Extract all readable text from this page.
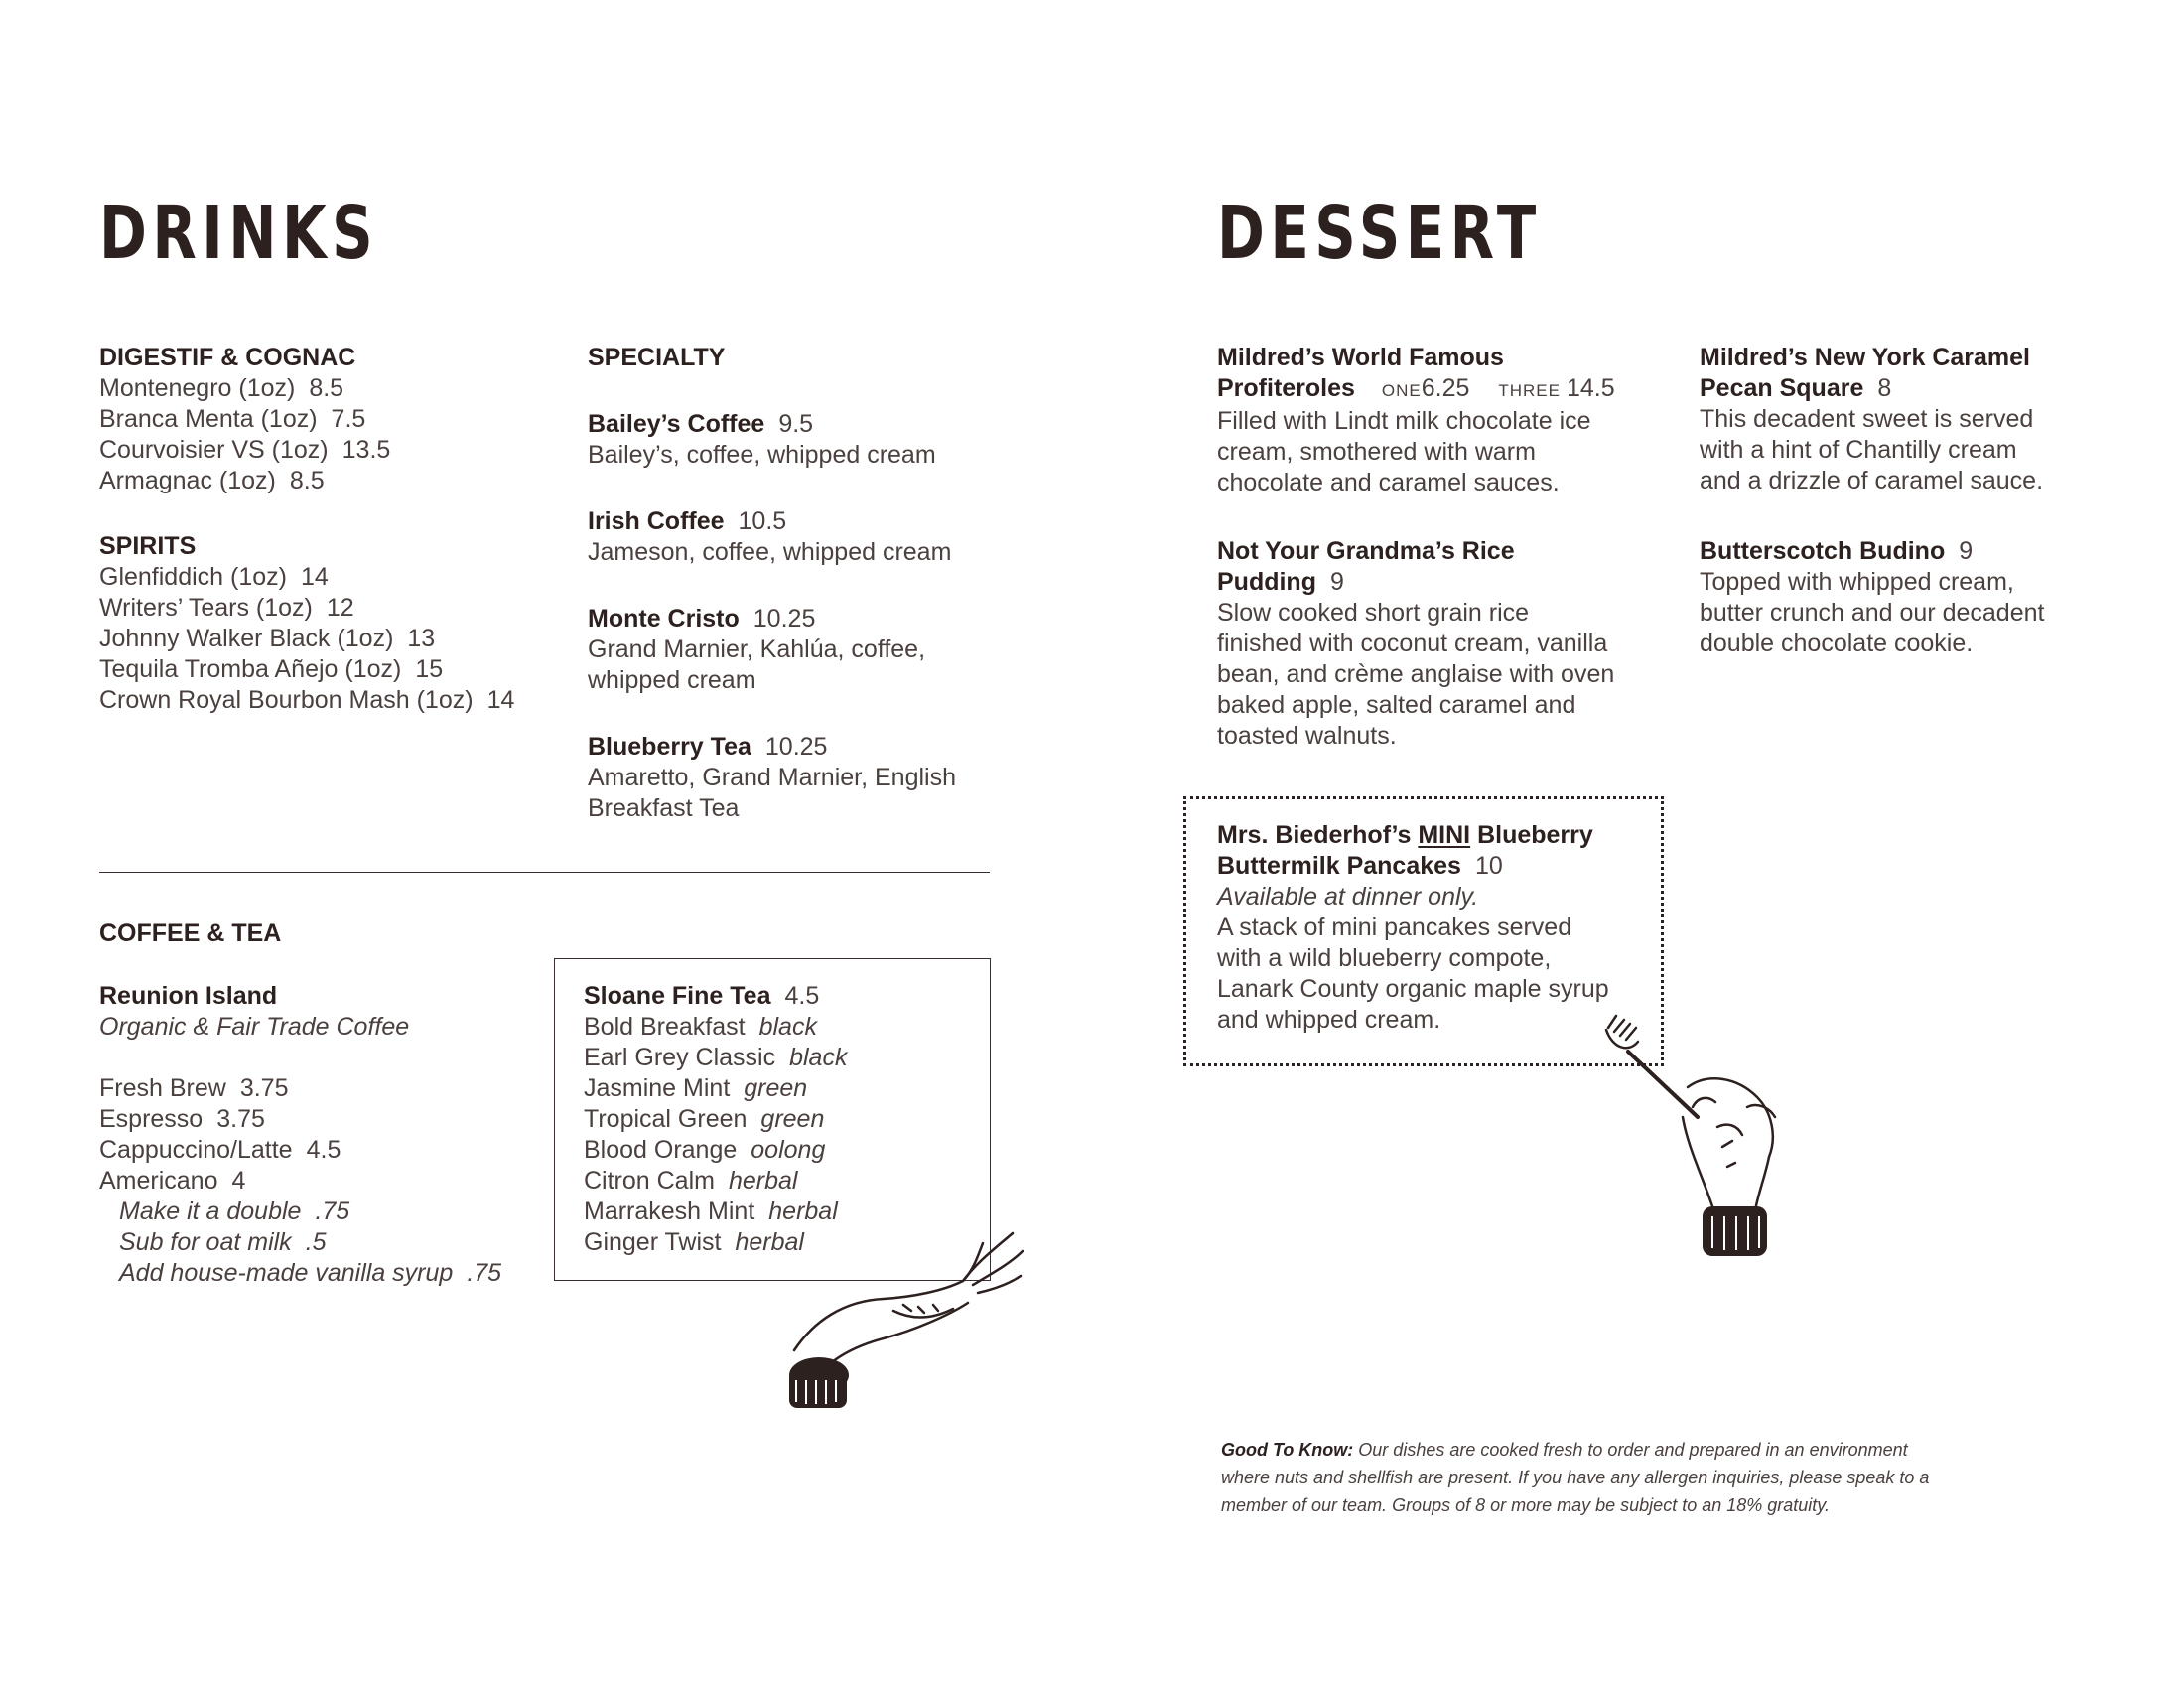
DRINKS
DIGESTIF & COGNAC
Montenegro (1oz) 8.5
Branca Menta (1oz) 7.5
Courvoisier VS (1oz) 13.5
Armagnac (1oz) 8.5
SPIRITS
Glenfiddich (1oz) 14
Writers’ Tears (1oz) 12
Johnny Walker Black (1oz) 13
Tequila Tromba Añejo (1oz) 15
Crown Royal Bourbon Mash (1oz) 14
SPECIALTY
Bailey’s Coffee 9.5
Bailey’s, coffee, whipped cream
Irish Coffee 10.5
Jameson, coffee, whipped cream
Monte Cristo 10.25
Grand Marnier, Kahlúa, coffee,
whipped cream
Blueberry Tea 10.25
Amaretto, Grand Marnier, English
Breakfast Tea
COFFEE & TEA
Reunion Island
Organic & Fair Trade Coffee

Fresh Brew 3.75
Espresso 3.75
Cappuccino/Latte 4.5
Americano 4
Make it a double .75
Sub for oat milk .5
Add house-made vanilla syrup .75
Sloane Fine Tea 4.5
Bold Breakfast black
Earl Grey Classic black
Jasmine Mint green
Tropical Green green
Blood Orange oolong
Citron Calm herbal
Marrakesh Mint herbal
Ginger Twist herbal
DESSERT
Mildred’s World Famous
Profiteroles ONE6.25 THREE 14.5
Filled with Lindt milk chocolate ice
cream, smothered with warm
chocolate and caramel sauces.
Not Your Grandma’s Rice
Pudding 9
Slow cooked short grain rice
finished with coconut cream, vanilla
bean, and crème anglaise with oven
baked apple, salted caramel and
toasted walnuts.
Mildred’s New York Caramel
Pecan Square 8
This decadent sweet is served
with a hint of Chantilly cream
and a drizzle of caramel sauce.
Butterscotch Budino 9
Topped with whipped cream,
butter crunch and our decadent
double chocolate cookie.
Mrs. Biederhof’s MINI Blueberry
Buttermilk Pancakes 10
Available at dinner only.
A stack of mini pancakes served
with a wild blueberry compote,
Lanark County organic maple syrup
and whipped cream.
Good To Know: Our dishes are cooked fresh to order and prepared in an environment
where nuts and shellfish are present. If you have any allergen inquiries, please speak to a
member of our team. Groups of 8 or more may be subject to an 18% gratuity.
